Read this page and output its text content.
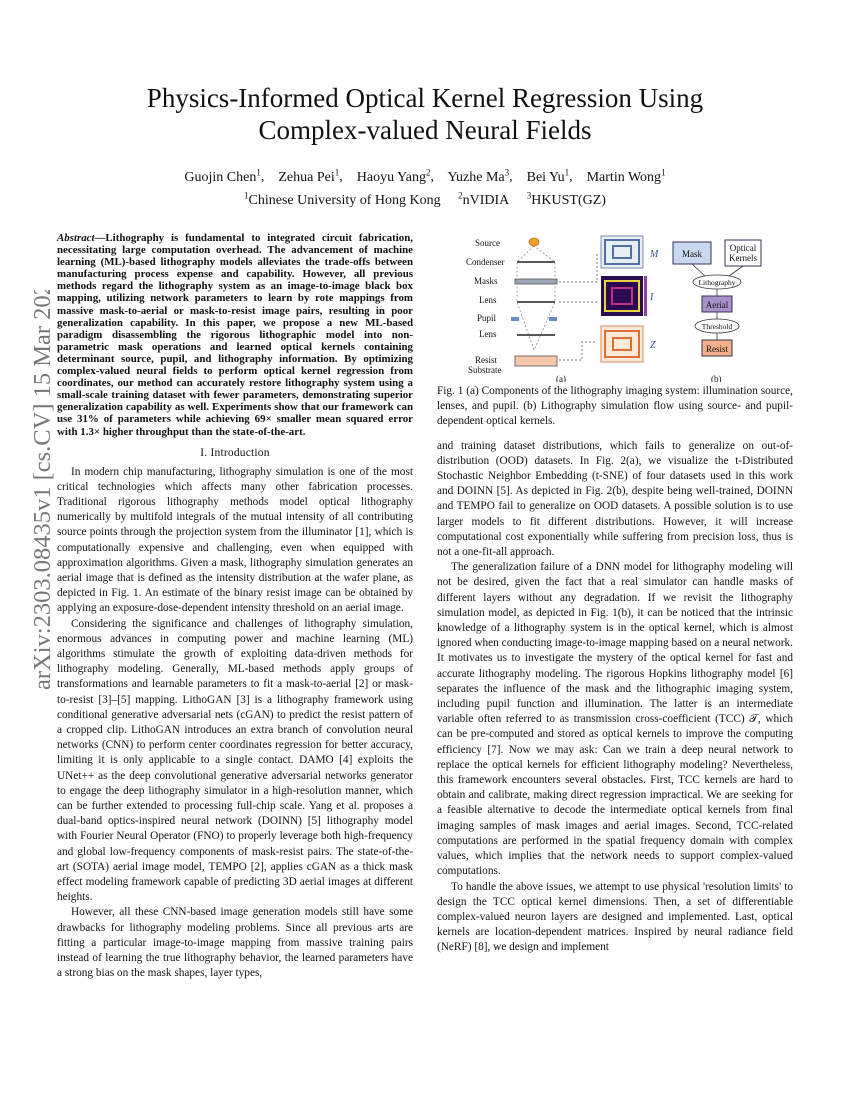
arXiv:2303.08435v1 [cs.CV] 15 Mar 2023
Physics-Informed Optical Kernel Regression Using
Complex-valued Neural Fields
Guojin Chen$^1$,    Zehua Pei$^1$,    Haoyu Yang$^2$,    Yuzhe Ma$^3$,    Bei Yu$^1$,    Martin Wong$^1$
$^1$Chinese University of Hong Kong $^2$nVIDIA $^3$HKUST(GZ)

Abstract—Lithography is fundamental to integrated circuit fabrication, necessitating large computation overhead. The advancement of machine learning (ML)-based lithography models alleviates the trade-offs between manufacturing process expense and capability. However, all previous methods regard the lithography system as an image-to-image black box mapping, utilizing network parameters to learn by rote mappings from massive mask-to-aerial or mask-to-resist image pairs, resulting in poor generalization capability. In this paper, we propose a new ML-based paradigm disassembling the rigorous lithographic model into non-parametric mask operations and learned optical kernels containing determinant source, pupil, and lithography information. By optimizing complex-valued neural fields to perform optical kernel regression from coordinates, our method can accurately restore lithography system using a small-scale training dataset with fewer parameters, demonstrating superior generalization capability as well. Experiments show that our framework can use 31% of parameters while achieving 69× smaller mean squared error with 1.3× higher throughput than the state-of-the-art.

I. Introduction

In modern chip manufacturing, lithography simulation is one of the most critical technologies which affects many other fabrication processes. Traditional rigorous lithography methods model optical lithography numerically by multifold integrals of the mutual intensity of all contributing source points through the projection system from the illuminator [1], which is computationally expensive and challenging, even when equipped with approximation algorithms. Given a mask, lithography simulation generates an aerial image that is defined as the intensity distribution at the wafer plane, as depicted in Fig. 1. An estimate of the binary resist image can be obtained by applying an exposure-dose-dependent intensity threshold on an aerial image.

Considering the significance and challenges of lithography simulation, enormous advances in computing power and machine learning (ML) algorithms stimulate the growth of exploiting data-driven methods for lithography modeling. Generally, ML-based methods apply groups of transformations and learnable parameters to fit a mask-to-aerial [2] or mask-to-resist [3]–[5] mapping. LithoGAN [3] is a lithography framework using conditional generative adversarial nets (cGAN) to predict the resist pattern of a cropped clip. LithoGAN introduces an extra branch of convolution neural networks (CNN) to perform center coordinates regression for better accuracy, limiting it is only applicable to a single contact. DAMO [4] exploits the UNet++ as the deep convolutional generative adversarial networks generator to engage the deep lithography simulator in a high-resolution manner, which can be further extended to processing full-chip scale. Yang et al. proposes a dual-band optics-inspired neural network (DOINN) [5] lithography model with Fourier Neural Operator (FNO) to properly leverage both high-frequency and global low-frequency components of mask-resist pairs. The state-of-the-art (SOTA) aerial image model, TEMPO [2], applies cGAN as a thick mask effect modeling framework capable of predicting 3D aerial images at different heights.

However, all these CNN-based image generation models still have some drawbacks for lithography modeling problems. Since all previous arts are fitting a particular image-to-image mapping from massive training pairs instead of learning the true lithography behavior, the learned parameters have a strong bias on the mask shapes, layer types,

Source
Condenser
Masks
Lens
Pupil
Lens
Resist
Substrate
M
I
Z
(a)
Mask
Optical
Kernels
Lithography
Aerial
Threshold
Resist
(b)
Fig. 1 (a) Components of the lithography imaging system: illumination source, lenses, and pupil. (b) Lithography simulation flow using source- and pupil-dependent optical kernels.

and training dataset distributions, which fails to generalize on out-of-distribution (OOD) datasets. In Fig. 2(a), we visualize the t-Distributed Stochastic Neighbor Embedding (t-SNE) of four datasets used in this work and DOINN [5]. As depicted in Fig. 2(b), despite being well-trained, DOINN and TEMPO fail to generalize on OOD datasets. A possible solution is to use larger models to fit different distributions. However, it will increase computational cost exponentially while suffering from precision loss, thus is not a one-fit-all approach.

The generalization failure of a DNN model for lithography modeling will not be desired, given the fact that a real simulator can handle masks of different layers without any degradation. If we revisit the lithography simulation model, as depicted in Fig. 1(b), it can be noticed that the intrinsic knowledge of a lithography system is in the optical kernel, which is almost ignored when conducting image-to-image mapping based on a neural network. It motivates us to investigate the mystery of the optical kernel for fast and accurate lithography modeling. The rigorous Hopkins lithography model [6] separates the influence of the mask and the lithographic imaging system, including pupil function and illumination. The latter is an intermediate variable often referred to as transmission cross-coefficient (TCC) 𝒯, which can be pre-computed and stored as optical kernels to improve the computing efficiency [7]. Now we may ask: Can we train a deep neural network to replace the optical kernels for efficient lithography modeling? Nevertheless, this framework encounters several obstacles. First, TCC kernels are hard to obtain and calibrate, making direct regression impractical. We are seeking for a feasible alternative to decode the intermediate optical kernels from final imaging samples of mask images and aerial images. Second, TCC-related computations are performed in the spatial frequency domain with complex values, which implies that the network needs to support complex-valued computations.

To handle the above issues, we attempt to use physical 'resolution limits' to design the TCC optical kernel dimensions. Then, a set of differentiable complex-valued neuron layers are designed and implemented. Last, optical kernels are location-dependent matrices. Inspired by neural radiance field (NeRF) [8], we design and implement
